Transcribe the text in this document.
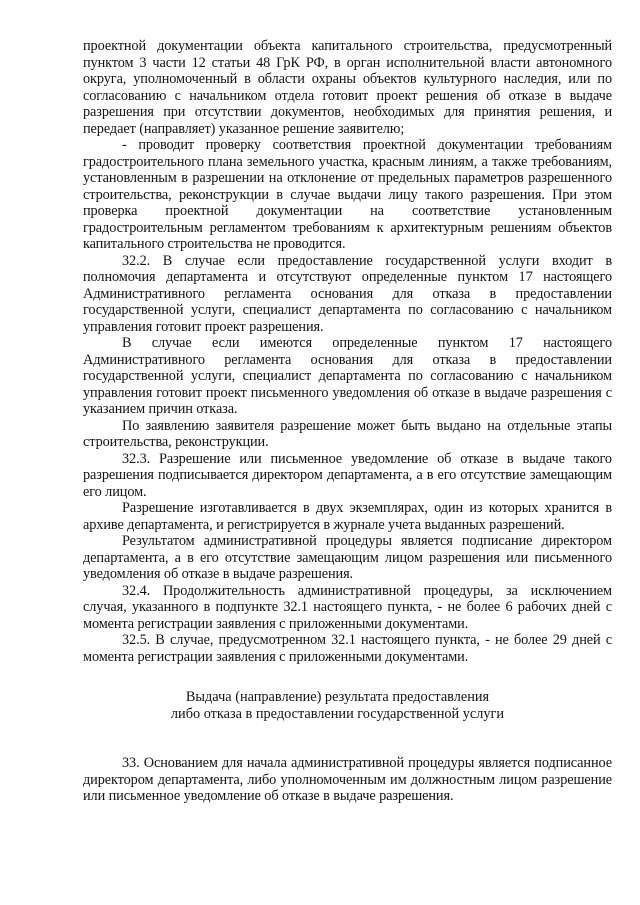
проектной документации объекта капитального строительства, предусмотренный пунктом 3 части 12 статьи 48 ГрК РФ, в орган исполнительной власти автономного округа, уполномоченный в области охраны объектов культурного наследия, или по согласованию с начальником отдела готовит проект решения об отказе в выдаче разрешения при отсутствии документов, необходимых для принятия решения, и передает (направляет) указанное решение заявителю;

- проводит проверку соответствия проектной документации требованиям градостроительного плана земельного участка, красным линиям, а также требованиям, установленным в разрешении на отклонение от предельных параметров разрешенного строительства, реконструкции в случае выдачи лицу такого разрешения. При этом проверка проектной документации на соответствие установленным градостроительным регламентом требованиям к архитектурным решениям объектов капитального строительства не проводится.

32.2. В случае если предоставление государственной услуги входит в полномочия департамента и отсутствуют определенные пунктом 17 настоящего Административного регламента основания для отказа в предоставлении государственной услуги, специалист департамента по согласованию с начальником управления готовит проект разрешения.

В случае если имеются определенные пунктом 17 настоящего Административного регламента основания для отказа в предоставлении государственной услуги, специалист департамента по согласованию с начальником управления готовит проект письменного уведомления об отказе в выдаче разрешения с указанием причин отказа.

По заявлению заявителя разрешение может быть выдано на отдельные этапы строительства, реконструкции.

32.3. Разрешение или письменное уведомление об отказе в выдаче такого разрешения подписывается директором департамента, а в его отсутствие замещающим его лицом.

Разрешение изготавливается в двух экземплярах, один из которых хранится в архиве департамента, и регистрируется в журнале учета выданных разрешений.

Результатом административной процедуры является подписание директором департамента, а в его отсутствие замещающим лицом разрешения или письменного уведомления об отказе в выдаче разрешения.

32.4. Продолжительность административной процедуры, за исключением случая, указанного в подпункте 32.1 настоящего пункта, - не более 6 рабочих дней с момента регистрации заявления с приложенными документами.

32.5. В случае, предусмотренном 32.1 настоящего пункта, - не более 29 дней с момента регистрации заявления с приложенными документами.

Выдача (направление) результата предоставления
либо отказа в предоставлении государственной услуги

33. Основанием для начала административной процедуры является подписанное директором департамента, либо уполномоченным им должностным лицом разрешение или письменное уведомление об отказе в выдаче разрешения.
